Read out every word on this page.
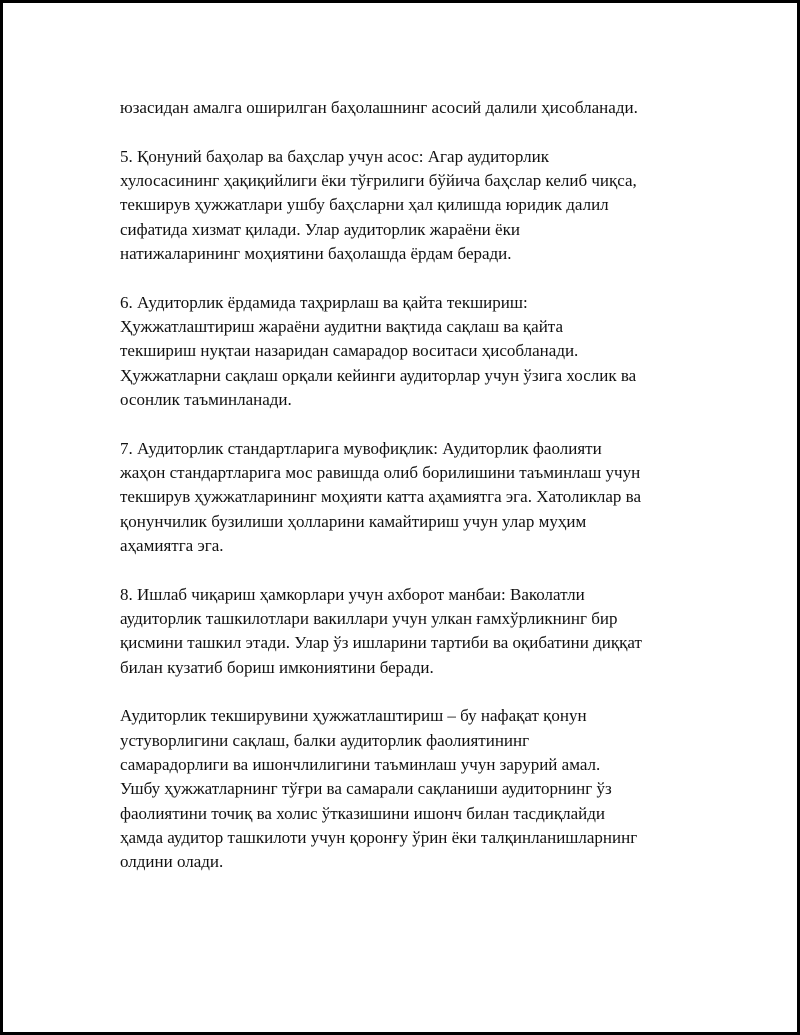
юзасидан амалга оширилган баҳолашнинг асосий далили ҳисобланади.

5. Қонуний баҳолар ва баҳслар учун асос: Агар аудиторлик
хулосасининг ҳақиқийлиги ёки тўғрилиги бўйича баҳслар келиб чиқса,
текширув ҳужжатлари ушбу баҳсларни ҳал қилишда юридик далил
сифатида хизмат қилади. Улар аудиторлик жараёни ёки
натижаларининг моҳиятини баҳолашда ёрдам беради.

6. Аудиторлик ёрдамида таҳрирлаш ва қайта текшириш:
Ҳужжатлаштириш жараёни аудитни вақтида сақлаш ва қайта
текшириш нуқтаи назаридан самарадор воситаси ҳисобланади.
Ҳужжатларни сақлаш орқали кейинги аудиторлар учун ўзига хослик ва
осонлик таъминланади.

7. Аудиторлик стандартларига мувофиқлик: Аудиторлик фаолияти
жаҳон стандартларига мос равишда олиб борилишини таъминлаш учун
текширув ҳужжатларининг моҳияти катта аҳамиятга эга. Хатоликлар ва
қонунчилик бузилиши ҳолларини камайтириш учун улар муҳим
аҳамиятга эга.

8. Ишлаб чиқариш ҳамкорлари учун ахборот манбаи: Ваколатли
аудиторлик ташкилотлари вакиллари учун улкан ғамхўрликнинг бир
қисмини ташкил этади. Улар ўз ишларини тартиби ва оқибатини диққат
билан кузатиб бориш имкониятини беради.

Аудиторлик текширувини ҳужжатлаштириш – бу нафақат қонун
устуворлигини сақлаш, балки аудиторлик фаолиятининг
самарадорлиги ва ишончлилигини таъминлаш учун зарурий амал.
Ушбу ҳужжатларнинг тўғри ва самарали сақланиши аудиторнинг ўз
фаолиятини точиқ ва холис ўтказишини ишонч билан тасдиқлайди
ҳамда аудитор ташкилоти учун қоронғу ўрин ёки талқинланишларнинг
олдини олади.
